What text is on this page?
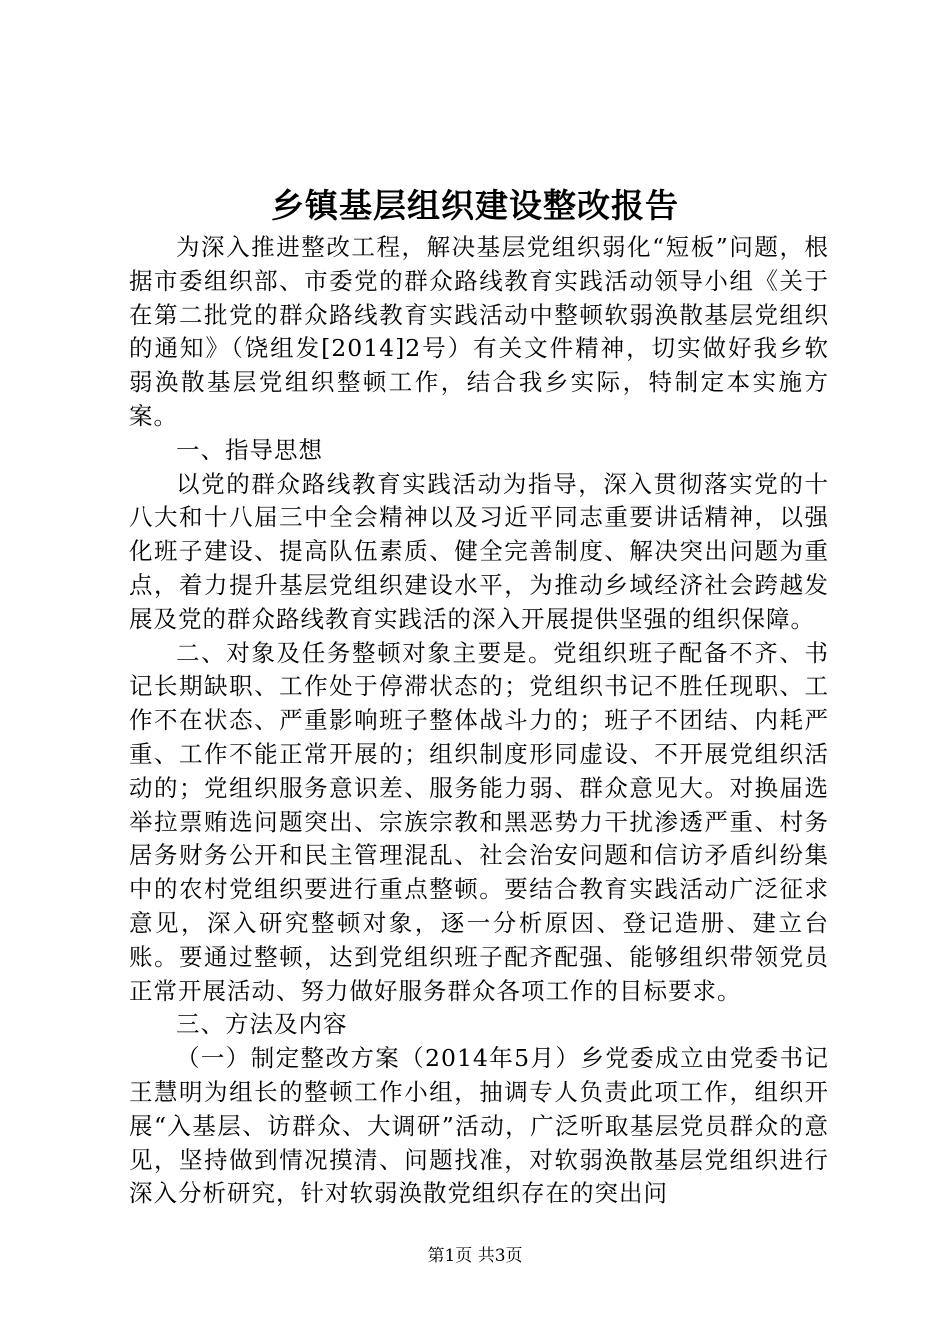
乡镇基层组织建设整改报告

为深入推进整改工程，解决基层党组织弱化“短板”问题，根据市委组织部、市委党的群众路线教育实践活动领导小组《关于在第二批党的群众路线教育实践活动中整顿软弱涣散基层党组织的通知》（饶组发[2014]2号）有关文件精神，切实做好我乡软弱涣散基层党组织整顿工作，结合我乡实际，特制定本实施方案。

一、指导思想

以党的群众路线教育实践活动为指导，深入贯彻落实党的十八大和十八届三中全会精神以及习近平同志重要讲话精神，以强化班子建设、提高队伍素质、健全完善制度、解决突出问题为重点，着力提升基层党组织建设水平，为推动乡域经济社会跨越发展及党的群众路线教育实践活的深入开展提供坚强的组织保障。

二、对象及任务整顿对象主要是。党组织班子配备不齐、书记长期缺职、工作处于停滞状态的；党组织书记不胜任现职、工作不在状态、严重影响班子整体战斗力的；班子不团结、内耗严重、工作不能正常开展的；组织制度形同虚设、不开展党组织活动的；党组织服务意识差、服务能力弱、群众意见大。对换届选举拉票贿选问题突出、宗族宗教和黑恶势力干扰渗透严重、村务居务财务公开和民主管理混乱、社会治安问题和信访矛盾纠纷集中的农村党组织要进行重点整顿。要结合教育实践活动广泛征求意见，深入研究整顿对象，逐一分析原因、登记造册、建立台账。要通过整顿，达到党组织班子配齐配强、能够组织带领党员正常开展活动、努力做好服务群众各项工作的目标要求。

三、方法及内容

（一）制定整改方案（2014年5月）乡党委成立由党委书记王慧明为组长的整顿工作小组，抽调专人负责此项工作，组织开展“入基层、访群众、大调研”活动，广泛听取基层党员群众的意见，坚持做到情况摸清、问题找准，对软弱涣散基层党组织进行深入分析研究，针对软弱涣散党组织存在的突出问

第1页 共3页
